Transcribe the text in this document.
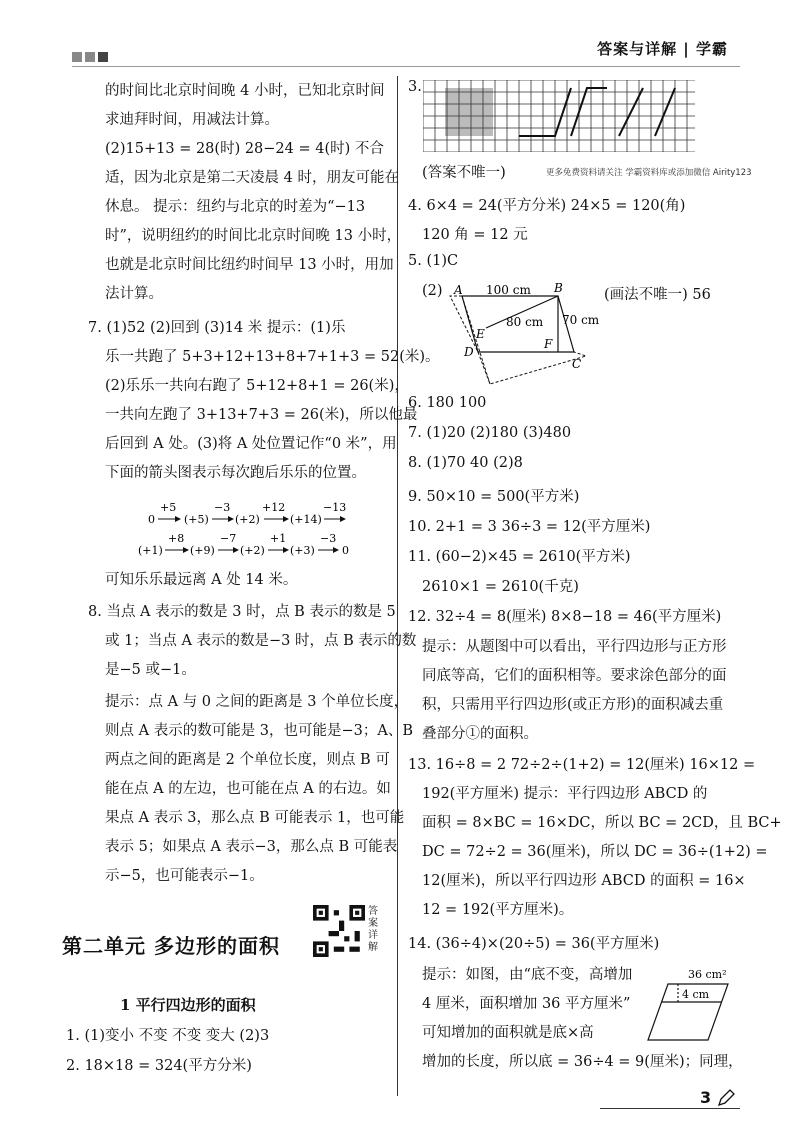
答案与详解 | 学霸

的时间比北京时间晚 4 小时，已知北京时间

求迪拜时间，用减法计算。

(2)15+13 = 28(时) 28−24 = 4(时) 不合

适，因为北京是第二天凌晨 4 时，朋友可能在

休息。 提示：纽约与北京的时差为“−13

时”，说明纽约的时间比北京时间晚 13 小时，

也就是北京时间比纽约时间早 13 小时，用加

法计算。

7. (1)52 (2)回到 (3)14 米 提示：(1)乐

乐一共跑了 5+3+12+13+8+7+1+3 = 52(米)。

(2)乐乐一共向右跑了 5+12+8+1 = 26(米)，

一共向左跑了 3+13+7+3 = 26(米)，所以他最

后回到 A 处。(3)将 A 处位置记作“0 米”，用

下面的箭头图表示每次跑后乐乐的位置。

0
+5
(+5)
−3
(+2)
+12
(+14)
−13
(+1)
+8
(+9)
−7
(+2)
+1
(+3)
−3
0

可知乐乐最远离 A 处 14 米。

8. 当点 A 表示的数是 3 时，点 B 表示的数是 5

或 1；当点 A 表示的数是−3 时，点 B 表示的数

是−5 或−1。

提示：点 A 与 0 之间的距离是 3 个单位长度，

则点 A 表示的数可能是 3，也可能是−3；A、B

两点之间的距离是 2 个单位长度，则点 B 可

能在点 A 的左边，也可能在点 A 的右边。如

果点 A 表示 3，那么点 B 可能表示 1，也可能

表示 5；如果点 A 表示−3，那么点 B 可能表

示−5，也可能表示−1。

第二单元 多边形的面积
答案详解
1 平行四边形的面积

1. (1)变小 不变 不变 变大 (2)3

2. 18×18 = 324(平方分米)

3.

(答案不唯一)	更多免费资料请关注 学霸资料库或添加微信 Airity123

4. 6×4 = 24(平方分米) 24×5 = 120(角)

120 角 = 12 元

5. (1)C

(2)	(画法不唯一) 56

A	B
C
D
E
F
100 cm
80 cm 70 cm

6. 180 100

7. (1)20 (2)180 (3)480

8. (1)70 40 (2)8

9. 50×10 = 500(平方米)

10. 2+1 = 3 36÷3 = 12(平方厘米)

11. (60−2)×45 = 2610(平方米)

2610×1 = 2610(千克)

12. 32÷4 = 8(厘米) 8×8−18 = 46(平方厘米)

提示：从题图中可以看出，平行四边形与正方形

同底等高，它们的面积相等。要求涂色部分的面

积，只需用平行四边形(或正方形)的面积减去重

叠部分①的面积。

13. 16÷8 = 2 72÷2÷(1+2) = 12(厘米) 16×12 =

192(平方厘米) 提示：平行四边形 ABCD 的

面积 = 8×BC = 16×DC，所以 BC = 2CD，且 BC+

DC = 72÷2 = 36(厘米)，所以 DC = 36÷(1+2) =

12(厘米)，所以平行四边形 ABCD 的面积 = 16×

12 = 192(平方厘米)。

14. (36÷4)×(20÷5) = 36(平方厘米)

提示：如图，由“底不变，高增加

4 厘米，面积增加 36 平方厘米”

可知增加的面积就是底×高

增加的长度，所以底 = 36÷4 = 9(厘米)；同理，

36 cm²
4 cm
3
